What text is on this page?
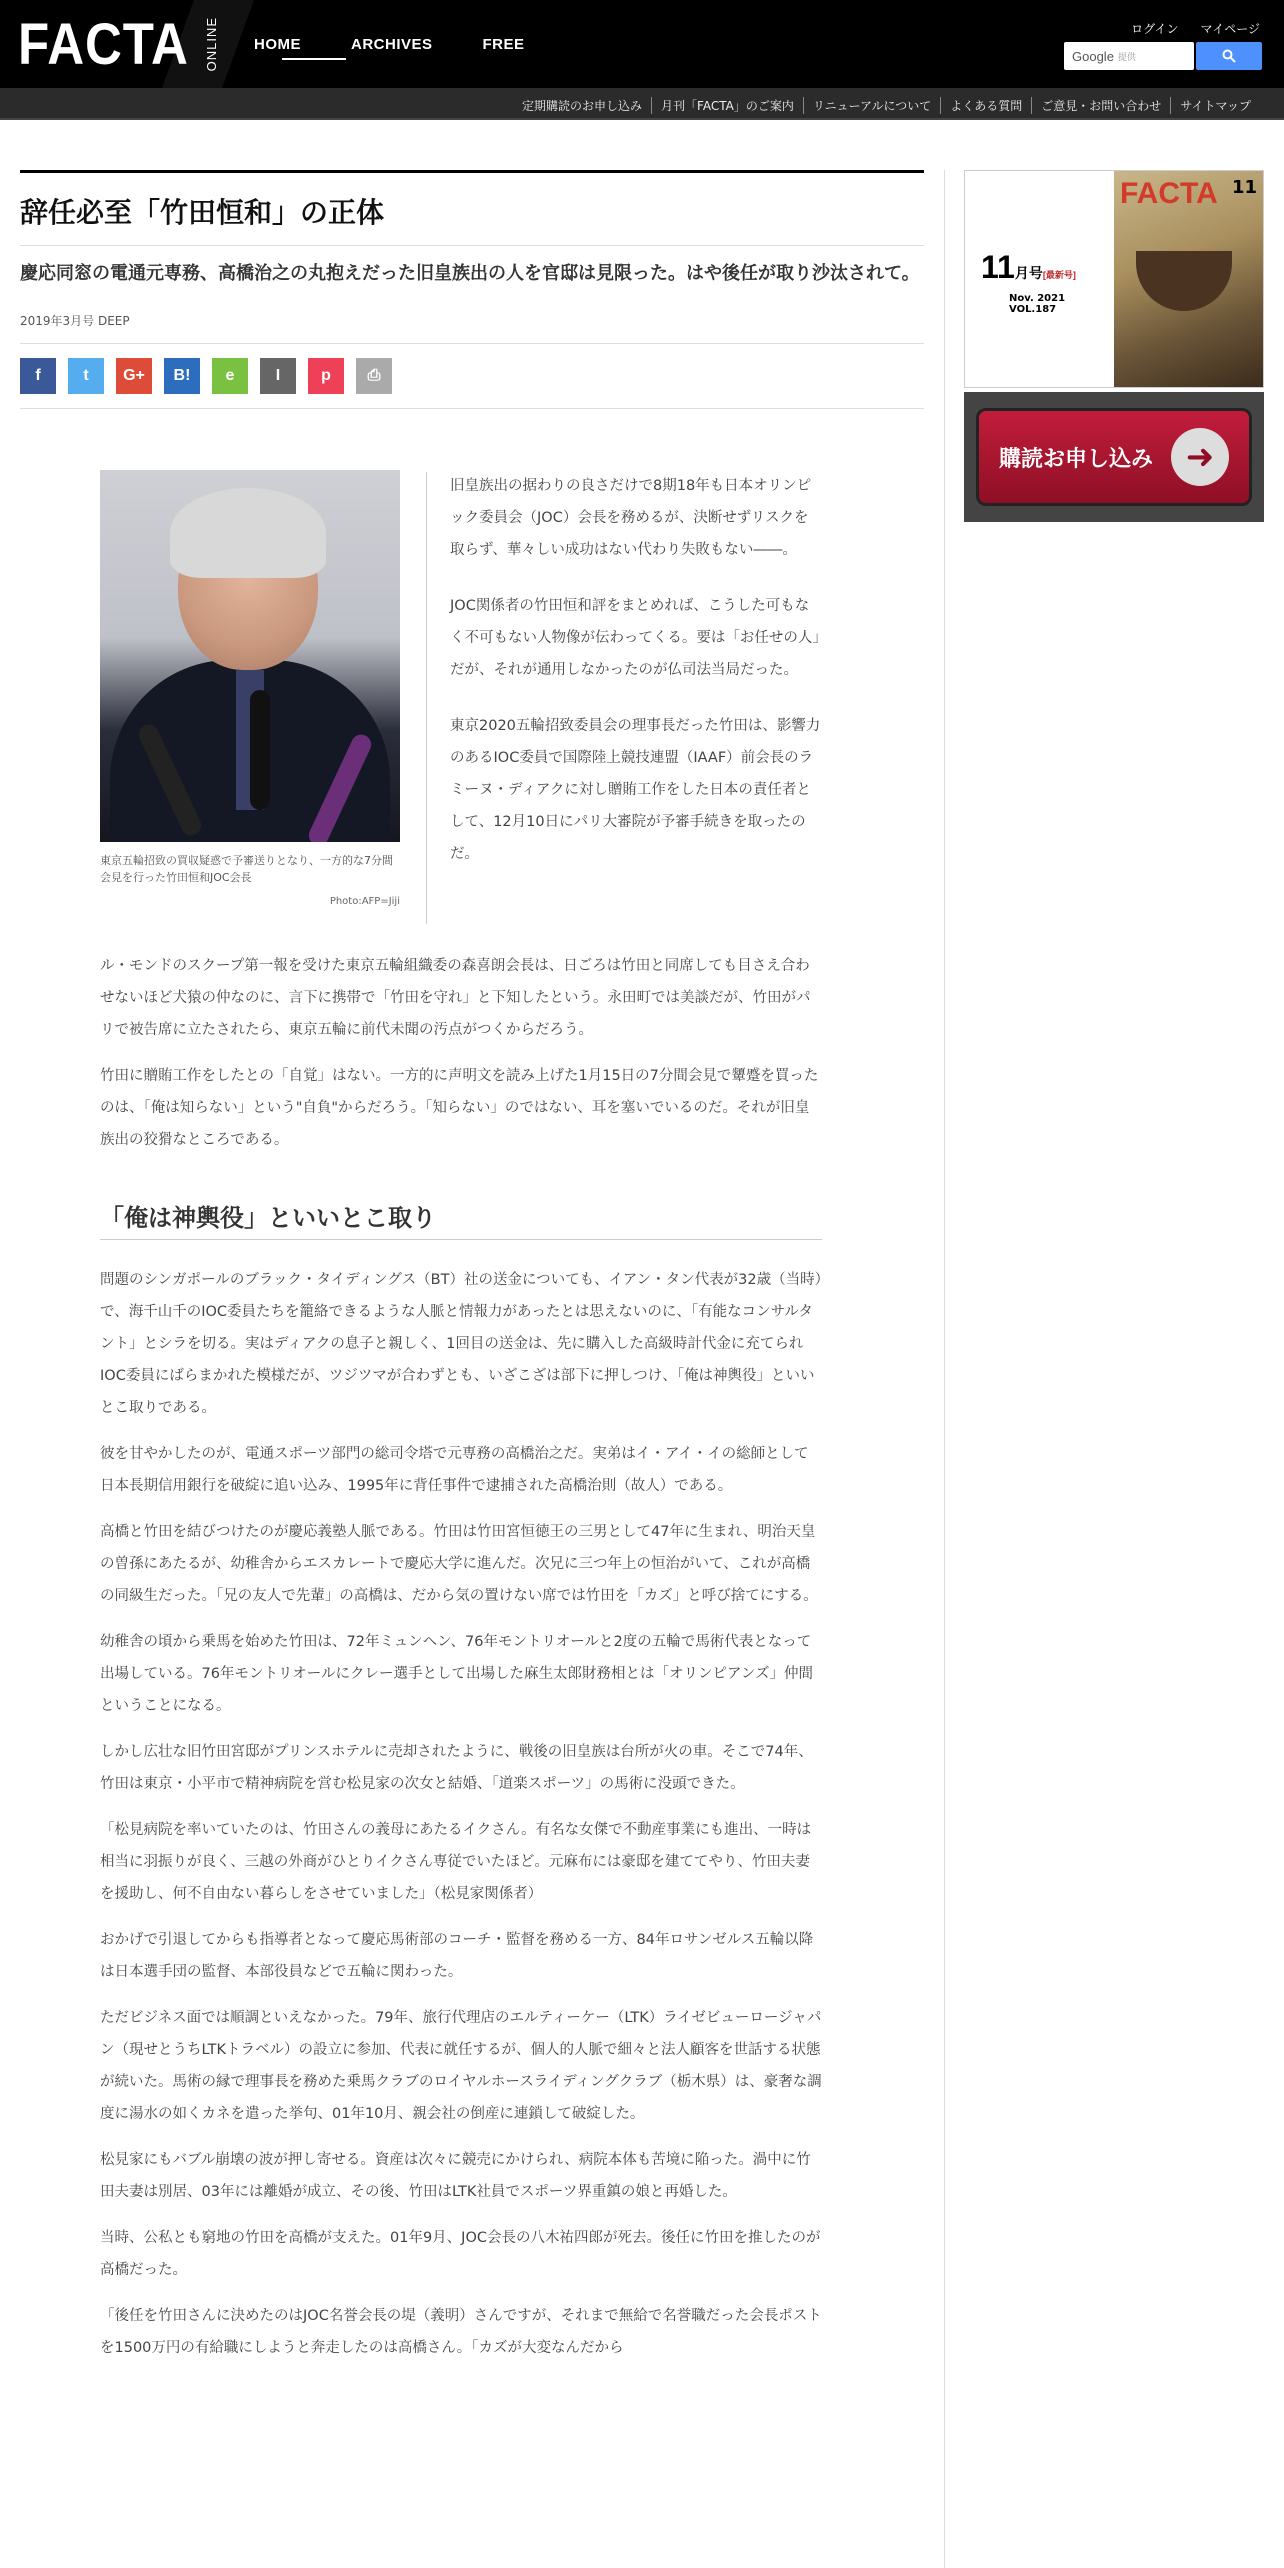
FACTA ONLINE HOME	ARCHIVES	FREE
ログイン マイページ
Google 提供
定期購読のお申し込み	月刊「FACTA」のご案内	リニューアルについて	よくある質問	ご意見・お問い合わせ	サイトマップ
辞任必至「竹田恒和」の正体

慶応同窓の電通元専務、高橋治之の丸抱えだった旧皇族出の人を官邸は見限った。はや後任が取り沙汰されて。

2019年3月号 DEEP
f	t	G+	B!	e	I	p	⎙

東京五輪招致の買収疑惑で予審送りとなり、一方的な7分間会見を行った竹田恒和JOC会長

Photo:AFP=Jiji

旧皇族出の据わりの良さだけで8期18年も日本オリンピック委員会（JOC）会長を務めるが、決断せずリスクを取らず、華々しい成功はない代わり失敗もない――。

JOC関係者の竹田恒和評をまとめれば、こうした可もなく不可もない人物像が伝わってくる。要は「お任せの人」だが、それが通用しなかったのが仏司法当局だった。

東京2020五輪招致委員会の理事長だった竹田は、影響力のあるIOC委員で国際陸上競技連盟（IAAF）前会長のラミーヌ・ディアクに対し贈賄工作をした日本の責任者として、12月10日にパリ大審院が予審手続きを取ったのだ。

ル・モンドのスクープ第一報を受けた東京五輪組織委の森喜朗会長は、日ごろは竹田と同席しても目さえ合わせないほど犬猿の仲なのに、言下に携帯で「竹田を守れ」と下知したという。永田町では美談だが、竹田がパリで被告席に立たされたら、東京五輪に前代未聞の汚点がつくからだろう。

竹田に贈賄工作をしたとの「自覚」はない。一方的に声明文を読み上げた1月15日の7分間会見で顰蹙を買ったのは、「俺は知らない」という"自負"からだろう。「知らない」のではない、耳を塞いでいるのだ。それが旧皇族出の狡猾なところである。

「俺は神輿役」といいとこ取り

問題のシンガポールのブラック・タイディングス（BT）社の送金についても、イアン・タン代表が32歳（当時）で、海千山千のIOC委員たちを籠絡できるような人脈と情報力があったとは思えないのに、「有能なコンサルタント」とシラを切る。実はディアクの息子と親しく、1回目の送金は、先に購入した高級時計代金に充てられIOC委員にばらまかれた模様だが、ツジツマが合わずとも、いざこざは部下に押しつけ、「俺は神輿役」といいとこ取りである。

彼を甘やかしたのが、電通スポーツ部門の総司令塔で元専務の高橋治之だ。実弟はイ・アイ・イの総師として日本長期信用銀行を破綻に追い込み、1995年に背任事件で逮捕された高橋治則（故人）である。

高橋と竹田を結びつけたのが慶応義塾人脈である。竹田は竹田宮恒徳王の三男として47年に生まれ、明治天皇の曽孫にあたるが、幼稚舎からエスカレートで慶応大学に進んだ。次兄に三つ年上の恒治がいて、これが高橋の同級生だった。「兄の友人で先輩」の高橋は、だから気の置けない席では竹田を「カズ」と呼び捨てにする。

幼稚舎の頃から乗馬を始めた竹田は、72年ミュンヘン、76年モントリオールと2度の五輪で馬術代表となって出場している。76年モントリオールにクレー選手として出場した麻生太郎財務相とは「オリンピアンズ」仲間ということになる。

しかし広壮な旧竹田宮邸がプリンスホテルに売却されたように、戦後の旧皇族は台所が火の車。そこで74年、竹田は東京・小平市で精神病院を営む松見家の次女と結婚、「道楽スポーツ」の馬術に没頭できた。

「松見病院を率いていたのは、竹田さんの義母にあたるイクさん。有名な女傑で不動産事業にも進出、一時は相当に羽振りが良く、三越の外商がひとりイクさん専従でいたほど。元麻布には豪邸を建ててやり、竹田夫妻を援助し、何不自由ない暮らしをさせていました」（松見家関係者）

おかげで引退してからも指導者となって慶応馬術部のコーチ・監督を務める一方、84年ロサンゼルス五輪以降は日本選手団の監督、本部役員などで五輪に関わった。

ただビジネス面では順調といえなかった。79年、旅行代理店のエルティーケー（LTK）ライゼビューロージャパン（現せとうちLTKトラベル）の設立に参加、代表に就任するが、個人的人脈で細々と法人顧客を世話する状態が続いた。馬術の縁で理事長を務めた乗馬クラブのロイヤルホースライディングクラブ（栃木県）は、豪奢な調度に湯水の如くカネを遣った挙句、01年10月、親会社の倒産に連鎖して破綻した。

松見家にもバブル崩壊の波が押し寄せる。資産は次々に競売にかけられ、病院本体も苦境に陥った。渦中に竹田夫妻は別居、03年には離婚が成立、その後、竹田はLTK社員でスポーツ界重鎮の娘と再婚した。

当時、公私とも窮地の竹田を高橋が支えた。01年9月、JOC会長の八木祐四郎が死去。後任に竹田を推したのが高橋だった。

「後任を竹田さんに決めたのはJOC名誉会長の堤（義明）さんですが、それまで無給で名誉職だった会長ポストを1500万円の有給職にしようと奔走したのは高橋さん。「カズが大変なんだから

11月号[最新号]
Nov. 2021 VOL.187
FACTA 11
購読お申し込み ➜
